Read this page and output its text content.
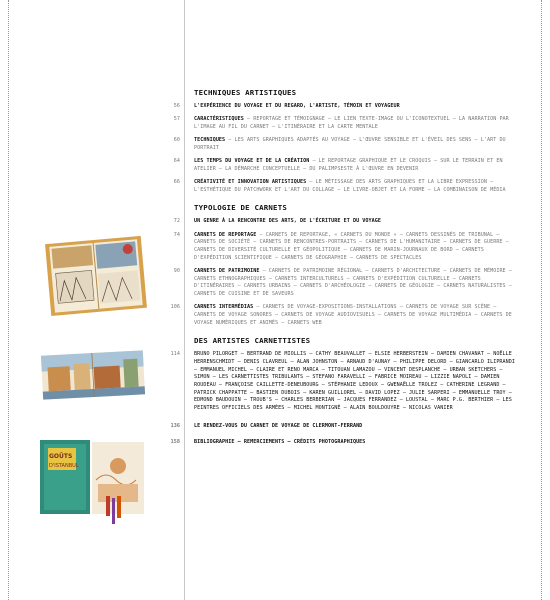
GOÛTS
D'ISTANBUL
TECHNIQUES ARTISTIQUES
56	L'EXPÉRIENCE DU VOYAGE ET DU REGARD, L'ARTISTE, TÉMOIN ET VOYAGEUR
57	CARACTÉRISTIQUES – REPORTAGE ET TÉMOIGNAGE – LE LIEN TEXTE-IMAGE OU L'ICONOTEXTUEL – LA NARRATION PAR L'IMAGE AU FIL DU CARNET – L'ITINÉRAIRE ET LA CARTE MENTALE
60	TECHNIQUES – LES ARTS GRAPHIQUES ADAPTÉS AU VOYAGE – L'ŒUVRE SENSIBLE ET L'ÉVEIL DES SENS – L'ART DU PORTRAIT
64	LES TEMPS DU VOYAGE ET DE LA CRÉATION – LE REPORTAGE GRAPHIQUE ET LE CROQUIS – SUR LE TERRAIN ET EN ATELIER – LA DÉMARCHE CONCEPTUELLE – DU PALIMPSESTE À L'ŒUVRE EN DEVENIR
66	CRÉATIVITÉ ET INNOVATION ARTISTIQUES – LE MÉTISSAGE DES ARTS GRAPHIQUES ET LA LIBRE EXPRESSION – L'ESTHÉTIQUE DU PATCHWORK ET L'ART DU COLLAGE – LE LIVRE-OBJET ET LA FORME – LA COMBINAISON DE MÉDIA
TYPOLOGIE DE CARNETS
72	UN GENRE À LA RENCONTRE DES ARTS, DE L'ÉCRITURE ET DU VOYAGE
74	CARNETS DE REPORTAGE – CARNETS DE REPORTAGE, « CARNETS DU MONDE » – CARNETS DESSINÉS DE TRIBUNAL – CARNETS DE SOCIÉTÉ – CARNETS DE RENCONTRES-PORTRAITS – CARNETS DE L'HUMANITAIRE – CARNETS DE GUERRE – CARNETS DE DIVERSITÉ CULTURELLE ET GÉOPOLITIQUE – CARNETS DE MARIN-JOURNAUX DE BORD – CARNETS D'EXPÉDITION SCIENTIFIQUE – CARNETS DE GÉOGRAPHIE – CARNETS DE SPECTACLES
90	CARNETS DE PATRIMOINE – CARNETS DE PATRIMOINE RÉGIONAL – CARNETS D'ARCHITECTURE – CARNETS DE MÉMOIRE – CARNETS ETHNOGRAPHIQUES – CARNETS INTERCULTURELS – CARNETS D'EXPÉDITION CULTURELLE – CARNETS D'ITINÉRAIRES – CARNETS URBAINS – CARNETS D'ARCHÉOLOGIE – CARNETS DE GÉOLOGIE – CARNETS NATURALISTES – CARNETS DE CUISINE ET DE SAVEURS
106	CARNETS INTERMÉDIAS – CARNETS DE VOYAGE-EXPOSITIONS-INSTALLATIONS – CARNETS DE VOYAGE SUR SCÈNE – CARNETS DE VOYAGE SONORES – CARNETS DE VOYAGE AUDIOVISUELS – CARNETS DE VOYAGE MULTIMÉDIA – CARNETS DE VOYAGE NUMÉRIQUES ET ANIMÉS – CARNETS WEB
DES ARTISTES CARNETTISTES
114	BRUNO PILORGET – BERTRAND DE MIOLLIS – CATHY BEAUVALLET – ELSIE HERBERSTEIN – DAMIEN CHAVANAT – NOËLLE HERRENSCHMIDT – DENIS CLAVREUL – ALAN JOHNSTON – ARNAUD D'AUNAY – PHILIPPE DELORD – GIANCARLO ILIPRANDI – EMMANUEL MICHEL – CLAIRE ET RENO MARCA – TITOUAN LAMAZOU – VINCENT DESPLANCHE – URBAN SKETCHERS – SIMON – LES CARNETTISTES TRIBULANTS – STEFANO FARAVELLI – FABRICE MOIREAU – LIZZIE NAPOLI – DAMIEN ROUDEAU – FRANÇOISE CAILLETTE-DENEUBOURG – STÉPHANIE LEDOUX – GWENAËLLE TROLEZ – CATHERINE LEGRAND – PATRICK CHAPPATTE – BASTIEN DUBOIS – KAREN GUILLOREL – DAVID LOPEZ – JULIE SARPERI – EMMANUELLE TROY – EDMOND BAUDOUIN – TROUB'S – CHARLES BERBERIAN – JACQUES FERRANDEZ – LOUSTAL – MARC P.G. BERTHIER – LES PEINTRES OFFICIELS DES ARMÉES – MICHEL MONTIGNÉ – ALAIN BOULDOUYRE – NICOLAS VANIER
136	LE RENDEZ-VOUS DU CARNET DE VOYAGE DE CLERMONT-FERRAND
158	BIBLIOGRAPHIE – REMERCIEMENTS – CRÉDITS PHOTOGRAPHIQUES
